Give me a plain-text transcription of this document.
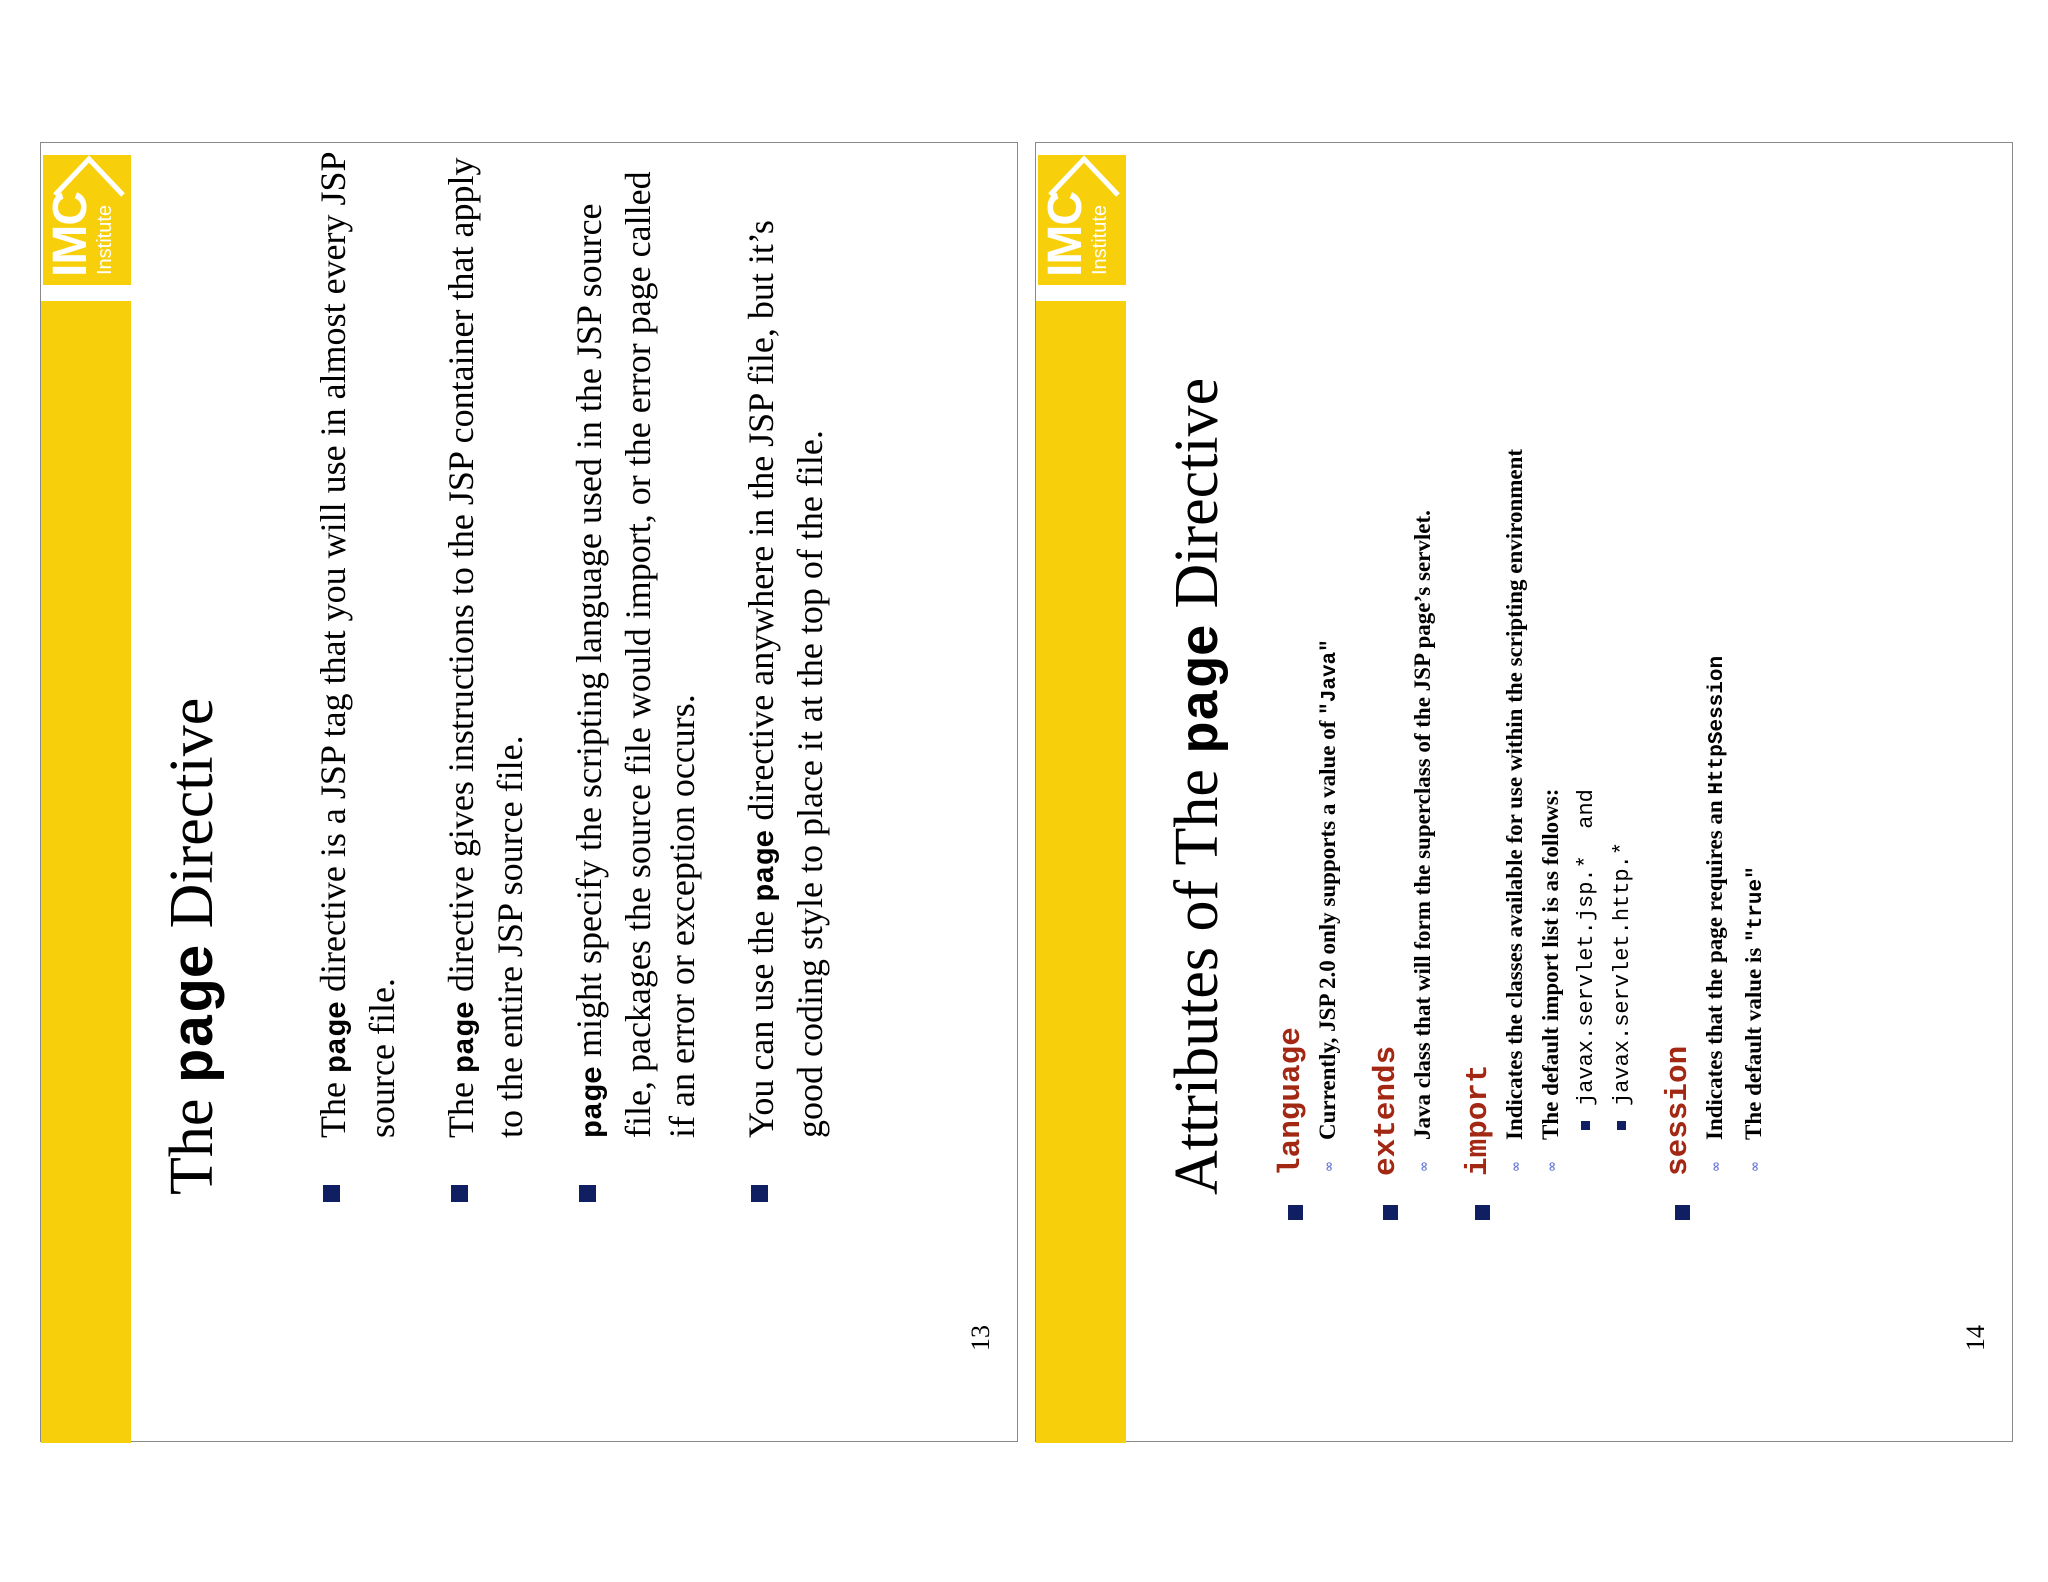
IMC
Institute
The page Directive
The page directive is a JSP tag that you will use in almost every JSP source file. The page directive gives instructions to the JSP container that apply to the entire JSP source file.	page might specify the scripting language used in the JSP source file, packages the source file would import, or the error page called if an error or exception occurs. You can use the page directive anywhere in the JSP file, but it’s good coding style to place it at the top of the file.
13
IMC
Institute
Attributes of The page Directive
language	∞
Currently, JSP 2.0 only supports a value of "Java"
extends	∞
Java class that will form the superclass of the JSP page’s servlet. import	∞
Indicates the classes available for use within the scripting environment
∞
The default import list is as follows: javax.servlet.jsp.*  and javax.servlet.http.*
session	∞
Indicates that the page requires an HttpSession
∞
The default value is "true"
14
